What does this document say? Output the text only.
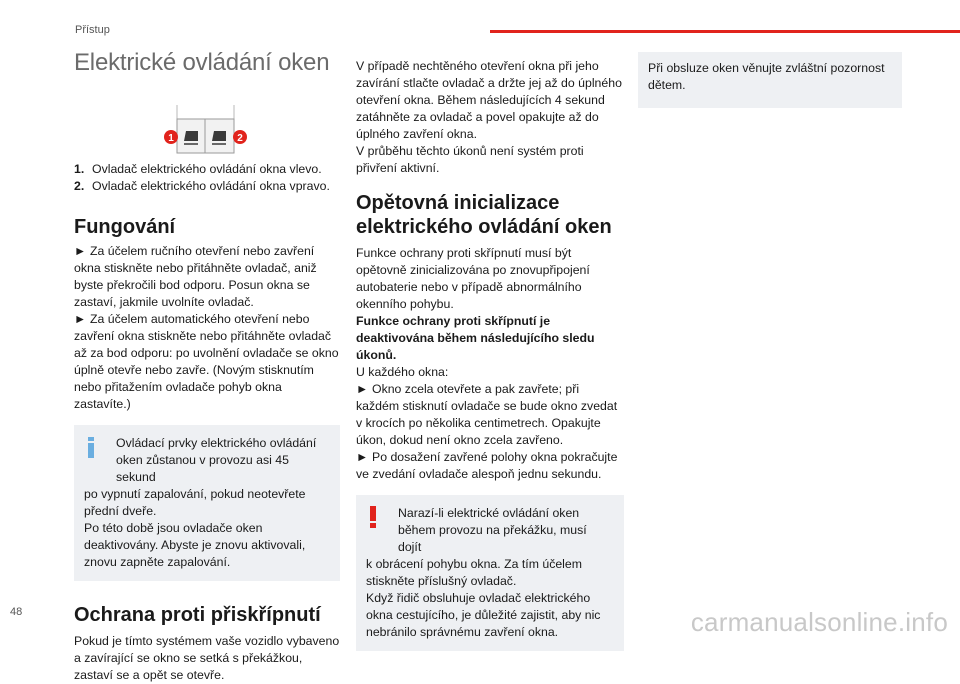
Přístup
Elektrické ovládání oken
1	2
1. Ovladač elektrického ovládání okna vlevo.
2. Ovladač elektrického ovládání okna vpravo.
Fungování

► Za účelem ručního otevření nebo zavření okna stiskněte nebo přitáhněte ovladač, aniž byste překročili bod odporu. Posun okna se zastaví, jakmile uvolníte ovladač.

► Za účelem automatického otevření nebo zavření okna stiskněte nebo přitáhněte ovladač až za bod odporu: po uvolnění ovladače se okno úplně otevře nebo zavře. (Novým stisknutím nebo přitažením ovladače pohyb okna zastavíte.)

Ovládací prvky elektrického ovládání oken zůstanou v provozu asi 45 sekund

po vypnutí zapalování, pokud neotevřete přední dveře.

Po této době jsou ovladače oken deaktivovány. Abyste je znovu aktivovali, znovu zapněte zapalování.

Ochrana proti přiskřípnutí

Pokud je tímto systémem vaše vozidlo vybaveno a zavírající se okno se setká s překážkou, zastaví se a opět se otevře.

V případě nechtěného otevření okna při jeho zavírání stlačte ovladač a držte jej až do úplného otevření okna. Během následujících 4 sekund zatáhněte za ovladač a povel opakujte až do úplného zavření okna.

V průběhu těchto úkonů není systém proti přivření aktivní.

Opětovná inicializace elektrického ovládání oken

Funkce ochrany proti skřípnutí musí být opětovně zinicializována po znovupřipojení autobaterie nebo v případě abnormálního okenního pohybu.

Funkce ochrany proti skřípnutí je deaktivována během následujícího sledu úkonů.

U každého okna:

► Okno zcela otevřete a pak zavřete; při každém stisknutí ovladače se bude okno zvedat v krocích po několika centimetrech. Opakujte úkon, dokud není okno zcela zavřeno.

► Po dosažení zavřené polohy okna pokračujte ve zvedání ovladače alespoň jednu sekundu.

Narazí-li elektrické ovládání oken během provozu na překážku, musí dojít

k obrácení pohybu okna. Za tím účelem stiskněte příslušný ovladač.

Když řidič obsluhuje ovladač elektrického okna cestujícího, je důležité zajistit, aby nic nebránilo správnému zavření okna.

Při obsluze oken věnujte zvláštní pozornost dětem.

48	carmanualsonline.info
